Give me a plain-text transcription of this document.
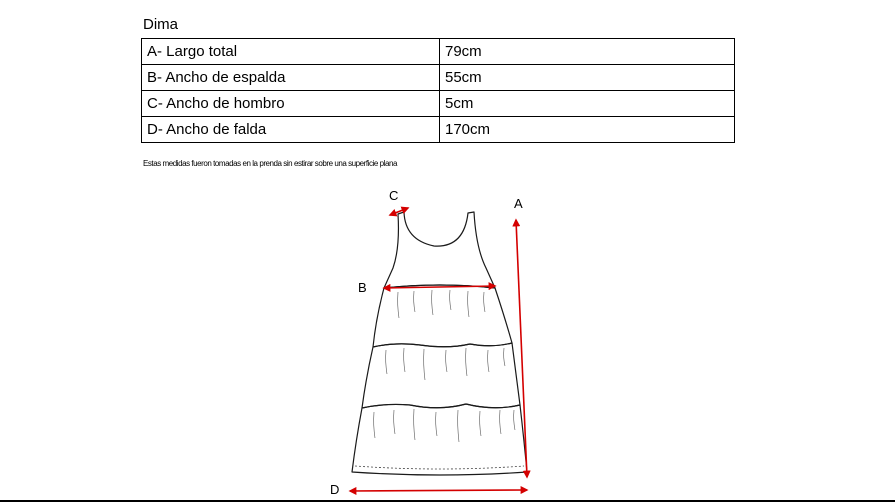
Dima
A- Largo total	79cm
B- Ancho de espalda	55cm
C- Ancho de hombro	5cm
D- Ancho de falda	170cm
Estas medidas fueron tomadas en la prenda sin estirar sobre una superficie plana
A
B
C
D
